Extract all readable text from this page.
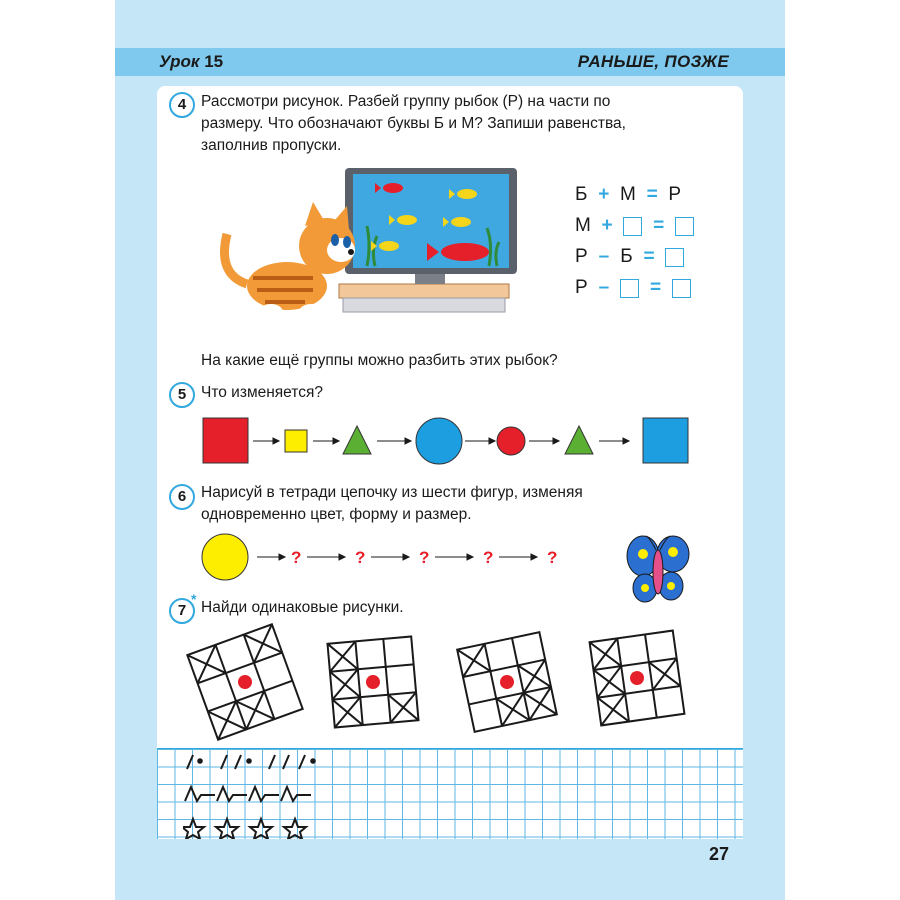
Урок 15	РАНЬШЕ, ПОЗЖЕ
4 Рассмотри рисунок. Разбей группу рыбок (Р) на части по
размеру. Что обозначают буквы Б и М? Запиши равенства,
заполнив пропуски.
Б + М = Р
М + =
Р – Б =
Р – =
На какие ещё группы можно разбить этих рыбок?
5 Что изменяется?
6 Нарисуй в тетради цепочку из шести фигур, изменяя
одновременно цвет, форму и размер.
?	?	?	?	?
7
* Найди одинаковые рисунки.
27
